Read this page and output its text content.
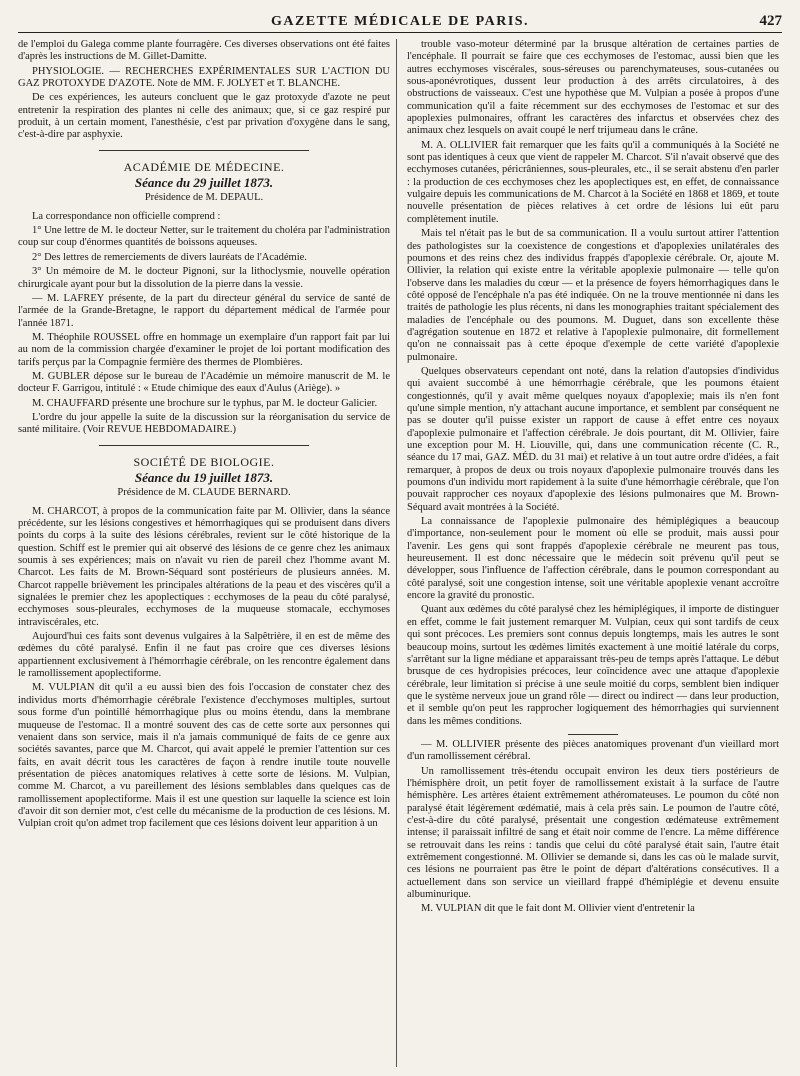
GAZETTE MÉDICALE DE PARIS.	427

de l'emploi du Galega comme plante fourragère. Ces diverses observations ont été faites d'après les instructions de M. Gillet-Damitte.

PHYSIOLOGIE. — RECHERCHES EXPÉRIMENTALES SUR L'ACTION DU GAZ PROTOXYDE D'AZOTE. Note de MM. F. JOLYET et T. BLANCHE.

De ces expériences, les auteurs concluent que le gaz protoxyde d'azote ne peut entretenir la respiration des plantes ni celle des animaux; que, si ce gaz respiré pur produit, à un certain moment, l'anesthésie, c'est par privation d'oxygène dans le sang, c'est-à-dire par asphyxie.

ACADÉMIE DE MÉDECINE.
Séance du 29 juillet 1873.
Présidence de M. DEPAUL.

La correspondance non officielle comprend :

1° Une lettre de M. le docteur Netter, sur le traitement du choléra par l'administration coup sur coup d'énormes quantités de boissons aqueuses.

2° Des lettres de remerciements de divers lauréats de l'Académie.

3° Un mémoire de M. le docteur Pignoni, sur la lithoclysmie, nouvelle opération chirurgicale ayant pour but la dissolution de la pierre dans la vessie.

— M. LAFREY présente, de la part du directeur général du service de santé de l'armée de la Grande-Bretagne, le rapport du département médical de l'armée pour l'année 1871.

M. Théophile ROUSSEL offre en hommage un exemplaire d'un rapport fait par lui au nom de la commission chargée d'examiner le projet de loi portant modification des tarifs perçus par la Compagnie fermière des thermes de Plombières.

M. GUBLER dépose sur le bureau de l'Académie un mémoire manuscrit de M. le docteur F. Garrigou, intitulé : « Etude chimique des eaux d'Aulus (Ariège). »

M. CHAUFFARD présente une brochure sur le typhus, par M. le docteur Galicier.

L'ordre du jour appelle la suite de la discussion sur la réorganisation du service de santé militaire. (Voir REVUE HEBDOMADAIRE.)

SOCIÉTÉ DE BIOLOGIE.
Séance du 19 juillet 1873.
Présidence de M. CLAUDE BERNARD.

M. CHARCOT, à propos de la communication faite par M. Ollivier, dans la séance précédente, sur les lésions congestives et hémorrhagiques qui se produisent dans divers points du corps à la suite des lésions cérébrales, revient sur le côté historique de la question. Schiff est le premier qui ait observé des lésions de ce genre chez les animaux soumis à ses expériences; mais on n'avait vu rien de pareil chez l'homme avant M. Charcot. Les faits de M. Brown-Séquard sont postérieurs de plusieurs années. M. Charcot rappelle brièvement les principales altérations de la peau et des viscères qu'il a signalées le premier chez les apoplectiques : ecchymoses de la peau du côté paralysé, ecchymoses sous-pleurales, ecchymoses de la muqueuse stomacale, ecchymoses intraviscérales, etc.

Aujourd'hui ces faits sont devenus vulgaires à la Salpêtrière, il en est de même des œdèmes du côté paralysé. Enfin il ne faut pas croire que ces diverses lésions appartiennent exclusivement à l'hémorrhagie cérébrale, on les rencontre également dans le ramollissement apoplectiforme.

M. VULPIAN dit qu'il a eu aussi bien des fois l'occasion de constater chez des individus morts d'hémorrhagie cérébrale l'existence d'ecchymoses multiples, surtout sous forme d'un pointillé hémorrhagique plus ou moins étendu, dans la membrane muqueuse de l'estomac. Il a montré souvent des cas de cette sorte aux personnes qui venaient dans son service, mais il n'a jamais communiqué de faits de ce genre aux sociétés savantes, parce que M. Charcot, qui avait appelé le premier l'attention sur ces faits, en avait décrit tous les caractères de façon à rendre inutile toute nouvelle présentation de pièces anatomiques relatives à cette sorte de lésions. M. Vulpian, comme M. Charcot, a vu pareillement des lésions semblables dans quelques cas de ramollissement apoplectiforme. Mais il est une question sur laquelle la science est loin d'avoir dit son dernier mot, c'est celle du mécanisme de la production de ces lésions. M. Vulpian croit qu'on admet trop facilement que ces lésions doivent leur apparition à un

trouble vaso-moteur déterminé par la brusque altération de certaines parties de l'encéphale. Il pourrait se faire que ces ecchymoses de l'estomac, aussi bien que les autres ecchymoses viscérales, sous-séreuses ou parenchymateuses, sous-cutanées ou sous-aponévrotiques, dussent leur production à des arrêts circulatoires, à des obstructions de vaisseaux. C'est une hypothèse que M. Vulpian a posée à propos d'une communication qu'il a faite récemment sur des ecchymoses de l'estomac et sur des apoplexies pulmonaires, offrant les caractères des infarctus et observées chez des animaux chez lesquels on avait coupé le nerf trijumeau dans le crâne.

M. A. OLLIVIER fait remarquer que les faits qu'il a communiqués à la Société ne sont pas identiques à ceux que vient de rappeler M. Charcot. S'il n'avait observé que des ecchymoses cutanées, péricrâniennes, sous-pleurales, etc., il se serait abstenu d'en parler : la production de ces ecchymoses chez les apoplectiques est, en effet, de connaissance vulgaire depuis les communications de M. Charcot à la Société en 1868 et 1869, et toute nouvelle présentation de pièces relatives à cet ordre de lésions lui eût paru complètement inutile.

Mais tel n'était pas le but de sa communication. Il a voulu surtout attirer l'attention des pathologistes sur la coexistence de congestions et d'apoplexies unilatérales des poumons et des reins chez des individus frappés d'apoplexie cérébrale. Or, ajoute M. Ollivier, la relation qui existe entre la véritable apoplexie pulmonaire — telle qu'on l'observe dans les maladies du cœur — et la présence de foyers hémorrhagiques dans le côté opposé de l'encéphale n'a pas été indiquée. On ne la trouve mentionnée ni dans les traités de pathologie les plus récents, ni dans les monographies traitant spécialement des maladies de l'encéphale ou des poumons. M. Duguet, dans son excellente thèse d'agrégation soutenue en 1872 et relative à l'apoplexie pulmonaire, dit formellement qu'on ne connaissait pas à cette époque d'exemple de cette variété d'apoplexie pulmonaire.

Quelques observateurs cependant ont noté, dans la relation d'autopsies d'individus qui avaient succombé à une hémorrhagie cérébrale, que les poumons étaient congestionnés, qu'il y avait même quelques noyaux d'apoplexie; mais ils n'en font qu'une simple mention, n'y attachant aucune importance, et semblent par conséquent ne pas se douter qu'il puisse exister un rapport de cause à effet entre ces noyaux d'apoplexie pulmonaire et l'affection cérébrale. Je dois pourtant, dit M. Ollivier, faire une exception pour M. H. Liouville, qui, dans une communication récente (C. R., séance du 17 mai, GAZ. MÉD. du 31 mai) et relative à un tout autre ordre d'idées, a fait remarquer, à propos de deux ou trois noyaux d'apoplexie pulmonaire trouvés dans les poumons d'un individu mort rapidement à la suite d'une hémorrhagie cérébrale, que l'on pouvait rapprocher ces noyaux d'apoplexie des lésions pulmonaires que M. Brown-Séquard avait montrées à la Société.

La connaissance de l'apoplexie pulmonaire des hémiplégiques a beaucoup d'importance, non-seulement pour le moment où elle se produit, mais aussi pour l'avenir. Les gens qui sont frappés d'apoplexie cérébrale ne meurent pas tous, heureusement. Il est donc nécessaire que le médecin soit prévenu qu'il peut se développer, sous l'influence de l'affection cérébrale, dans le poumon correspondant au côté paralysé, soit une congestion intense, soit une véritable apoplexie venant accroître encore la gravité du pronostic.

Quant aux œdèmes du côté paralysé chez les hémiplégiques, il importe de distinguer en effet, comme le fait justement remarquer M. Vulpian, ceux qui sont tardifs de ceux qui sont précoces. Les premiers sont connus depuis longtemps, mais les autres le sont beaucoup moins, surtout les œdèmes limités exactement à une moitié latérale du corps, s'arrêtant sur la ligne médiane et apparaissant très-peu de temps après l'attaque. Le début brusque de ces hydropisies précoces, leur coïncidence avec une attaque d'apoplexie cérébrale, leur limitation si précise à une seule moitié du corps, semblent bien indiquer que le système nerveux joue un grand rôle — direct ou indirect — dans leur production, et il semble qu'on peut les rapprocher logiquement des hémorrhagies qui surviennent dans les mêmes conditions.

— M. OLLIVIER présente des pièces anatomiques provenant d'un vieillard mort d'un ramollissement cérébral.

Un ramollissement très-étendu occupait environ les deux tiers postérieurs de l'hémisphère droit, un petit foyer de ramollissement existait à la surface de l'autre hémisphère. Les artères étaient extrêmement athéromateuses. Le poumon du côté non paralysé était légèrement œdématié, mais à cela près sain. Le poumon de l'autre côté, c'est-à-dire du côté paralysé, présentait une congestion œdémateuse extrêmement intense; il paraissait infiltré de sang et était noir comme de l'encre. La même différence se retrouvait dans les reins : tandis que celui du côté paralysé était sain, l'autre était extrêmement congestionné. M. Ollivier se demande si, dans les cas où le malade survit, ces lésions ne pourraient pas être le point de départ d'altérations consécutives. Il a actuellement dans son service un vieillard frappé d'hémiplégie et devenu ensuite albuminurique.

M. VULPIAN dit que le fait dont M. Ollivier vient d'entretenir la
